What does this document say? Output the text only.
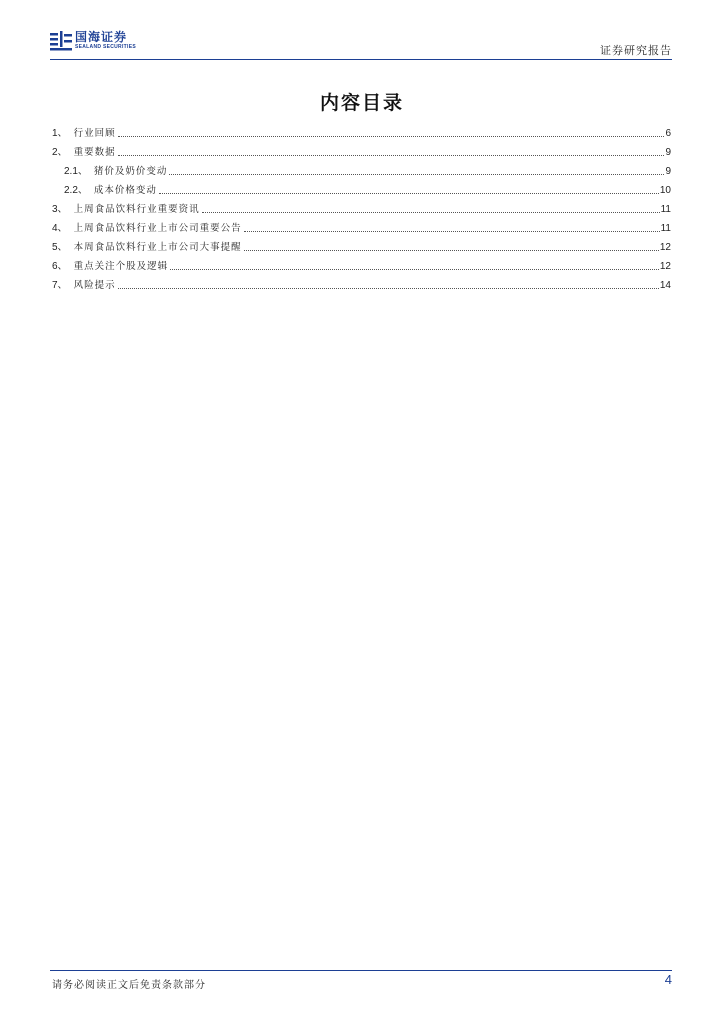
国海证券
SEALAND SECURITIES	证券研究报告
内容目录
1、 行业回顾	6
2、 重要数据	9
2.1、 猪价及奶价变动	9
2.2、 成本价格变动	10
3、 上周食品饮料行业重要资讯	11
4、 上周食品饮料行业上市公司重要公告	11
5、 本周食品饮料行业上市公司大事提醒	12
6、 重点关注个股及逻辑	12
7、 风险提示	14
请务必阅读正文后免责条款部分	4
